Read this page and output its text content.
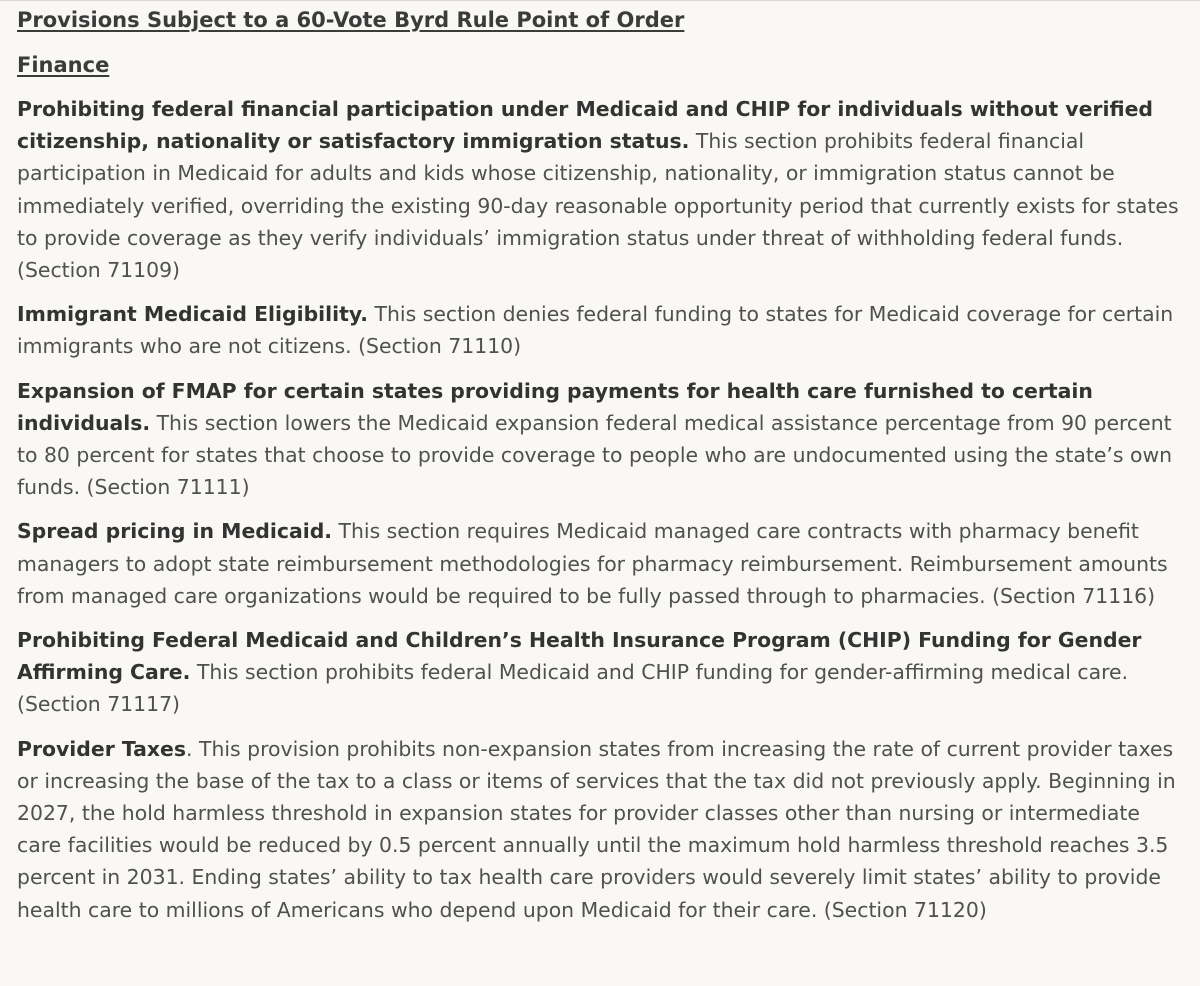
Provisions Subject to a 60-Vote Byrd Rule Point of Order
Finance

Prohibiting federal financial participation under Medicaid and CHIP for individuals without verified citizenship, nationality or satisfactory immigration status. This section prohibits federal financial participation in Medicaid for adults and kids whose citizenship, nationality, or immigration status cannot be immediately verified, overriding the existing 90-day reasonable opportunity period that currently exists for states to provide coverage as they verify individuals’ immigration status under threat of withholding federal funds. (Section 71109)

Immigrant Medicaid Eligibility. This section denies federal funding to states for Medicaid coverage for certain immigrants who are not citizens. (Section 71110)

Expansion of FMAP for certain states providing payments for health care furnished to certain individuals. This section lowers the Medicaid expansion federal medical assistance percentage from 90 percent to 80 percent for states that choose to provide coverage to people who are undocumented using the state’s own funds. (Section 71111)

Spread pricing in Medicaid. This section requires Medicaid managed care contracts with pharmacy benefit managers to adopt state reimbursement methodologies for pharmacy reimbursement. Reimbursement amounts from managed care organizations would be required to be fully passed through to pharmacies. (Section 71116)

Prohibiting Federal Medicaid and Children’s Health Insurance Program (CHIP) Funding for Gender Affirming Care. This section prohibits federal Medicaid and CHIP funding for gender-affirming medical care. (Section 71117)

Provider Taxes. This provision prohibits non-expansion states from increasing the rate of current provider taxes or increasing the base of the tax to a class or items of services that the tax did not previously apply. Beginning in 2027, the hold harmless threshold in expansion states for provider classes other than nursing or intermediate care facilities would be reduced by 0.5 percent annually until the maximum hold harmless threshold reaches 3.5 percent in 2031. Ending states’ ability to tax health care providers would severely limit states’ ability to provide health care to millions of Americans who depend upon Medicaid for their care. (Section 71120)
